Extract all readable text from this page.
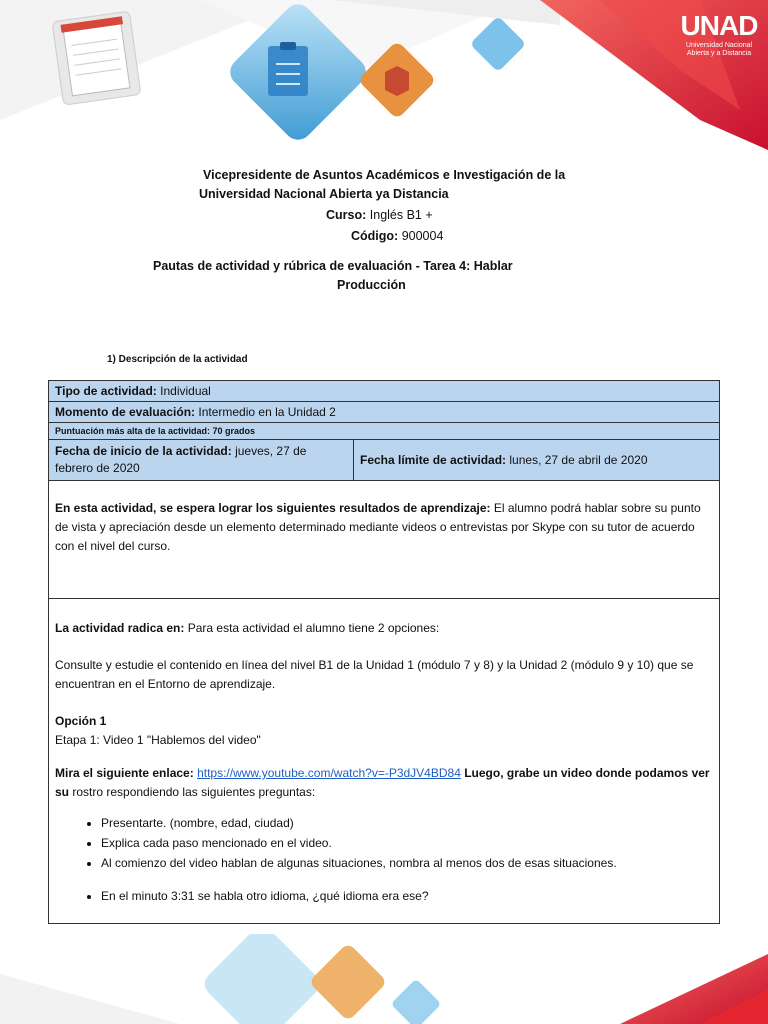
UNAD
Universidad Nacional
Abierta y a Distancia
Vicepresidente de Asuntos Académicos e Investigación de la
Universidad Nacional Abierta ya Distancia
Curso: Inglés B1 +
Código: 900004
Pautas de actividad y rúbrica de evaluación - Tarea 4: Hablar
Producción
1) Descripción de la actividad
Tipo de actividad: Individual
Momento de evaluación: Intermedio en la Unidad 2
Puntuación más alta de la actividad: 70 grados
Fecha de inicio de la actividad: jueves, 27 de febrero de 2020	Fecha límite de actividad: lunes, 27 de abril de 2020
En esta actividad, se espera lograr los siguientes resultados de aprendizaje: El alumno podrá hablar sobre su punto de vista y apreciación desde un elemento determinado mediante videos o entrevistas por Skype con su tutor de acuerdo con el nivel del curso.

La actividad radica en: Para esta actividad el alumno tiene 2 opciones:

Consulte y estudie el contenido en línea del nivel B1 de la Unidad 1 (módulo 7 y 8) y la Unidad 2 (módulo 9 y 10) que se encuentran en el Entorno de aprendizaje.

Opción 1
Etapa 1: Video 1 "Hablemos del video"

Mira el siguiente enlace: https://www.youtube.com/watch?v=-P3dJV4BD84 Luego, grabe un video donde podamos ver su rostro respondiendo las siguientes preguntas:

• Presentarte. (nombre, edad, ciudad)
• Explica cada paso mencionado en el video.
• Al comienzo del video hablan de algunas situaciones, nombra al menos dos de esas situaciones.
• En el minuto 3:31 se habla otro idioma, ¿qué idioma era ese?
